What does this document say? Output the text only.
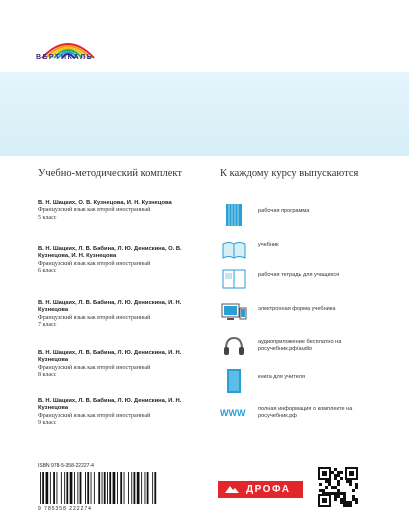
ВЕРТИКАЛЬ
Учебно-методический комплект
В. Н. Шацких, О. В. Кузнецова, И. Н. Кузнецова
Французский язык как второй иностранный
5 класс
В. Н. Шацких, Л. В. Бабина, Л. Ю. Денискина, О. В. Кузнецова, И. Н. Кузнецова
Французский язык как второй иностранный
6 класс
В. Н. Шацких, Л. В. Бабина, Л. Ю. Денискина, И. Н. Кузнецова
Французский язык как второй иностранный
7 класс
В. Н. Шацких, Л. В. Бабина, Л. Ю. Денискина, И. Н. Кузнецова
Французский язык как второй иностранный
8 класс
В. Н. Шацких, Л. В. Бабина, Л. Ю. Денискина, И. Н. Кузнецова
Французский язык как второй иностранный
9 класс
К каждому курсу выпускаются
рабочая программа
учебник
рабочая тетрадь для учащихся
электронная форма учебника
аудиоприложение бесплатно на росучебник.рф/audio
книга для учителя
WWW	полная информация о комплекте на росучебник.рф
ISBN 978-5-358-22227-4
9 785358 222274
ДРОФА
